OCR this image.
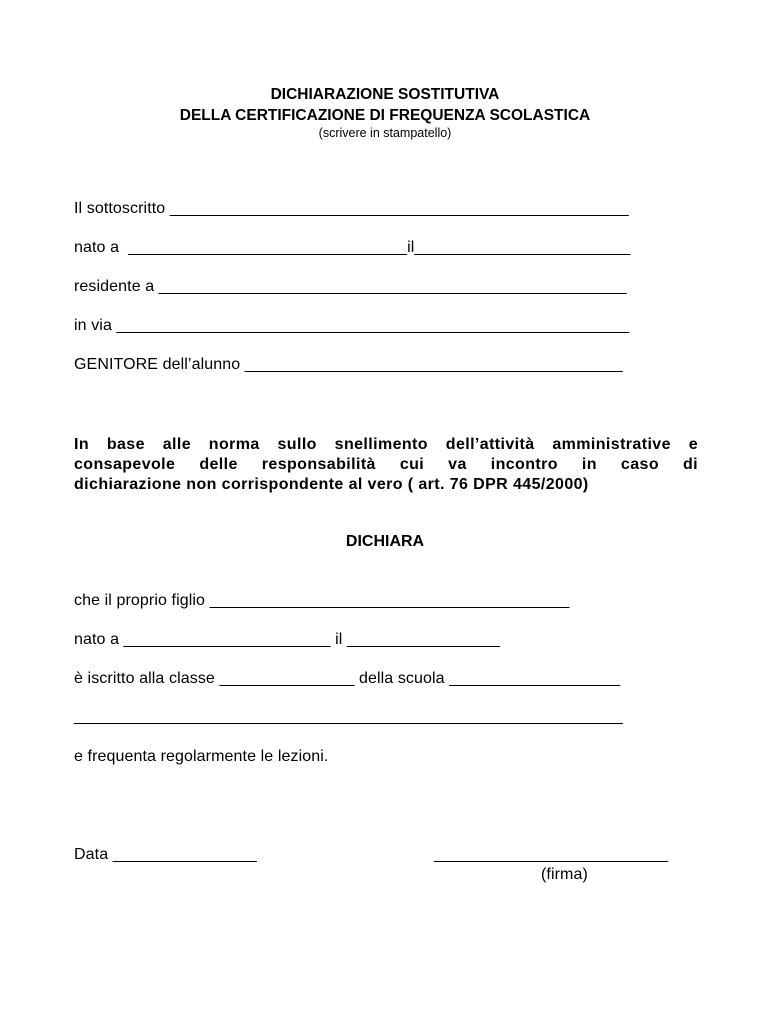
DICHIARAZIONE SOSTITUTIVA
DELLA CERTIFICAZIONE DI FREQUENZA SCOLASTICA
(scrivere in stampatello)
Il sottoscritto ___________________________________________________
nato a  _______________________________il________________________
residente a ____________________________________________________
in via _________________________________________________________
GENITORE dell’alunno __________________________________________
In base alle norma sullo snellimento dell’attività amministrative e
consapevole delle responsabilità cui va incontro in caso di
dichiarazione non corrispondente al vero ( art. 76 DPR 445/2000)
DICHIARA
che il proprio figlio ________________________________________
nato a _______________________ il _________________
è iscritto alla classe _______________ della scuola ___________________
_____________________________________________________________
e frequenta regolarmente le lezioni.
Data ________________	__________________________
(firma)
